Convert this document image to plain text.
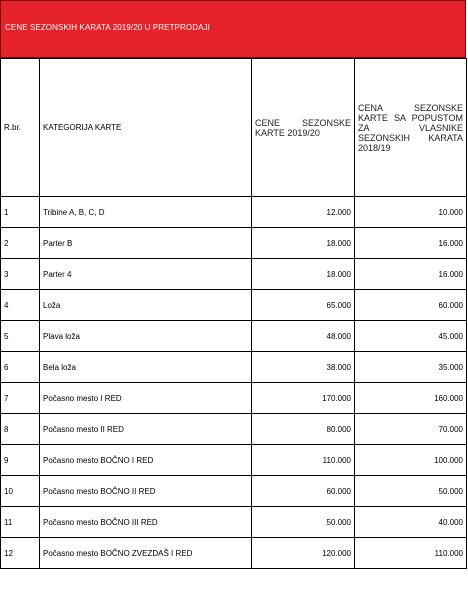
CENE SEZONSKIH KARATA 2019/20 U PRETPRODAJI
R.br.	KATEGORIJA KARTE	CENE SEZONSKE KARTE 2019/20	CENA SEZONSKE KARTE SA POPUSTOM ZA VLASNIKE SEZONSKIH KARATA 2018/19

1	Tribine A, B, C, D	12.000	10.000
2	Parter B	18.000	16.000
3	Parter 4	18.000	16.000
4	Loža	65.000	60.000
5	Plava loža	48.000	45.000
6	Bela loža	38.000	35.000
7	Počasno mesto I RED	170.000	160.000
8	Počasno mesto II RED	80.000	70.000
9	Počasno mesto BOČNO I RED	110.000	100.000
10	Počasno mesto BOČNO II RED	60.000	50.000
11	Počasno mesto BOČNO III RED	50.000	40.000
12	Počasno mesto BOČNO ZVEZDAŠ I RED	120.000	110.000
